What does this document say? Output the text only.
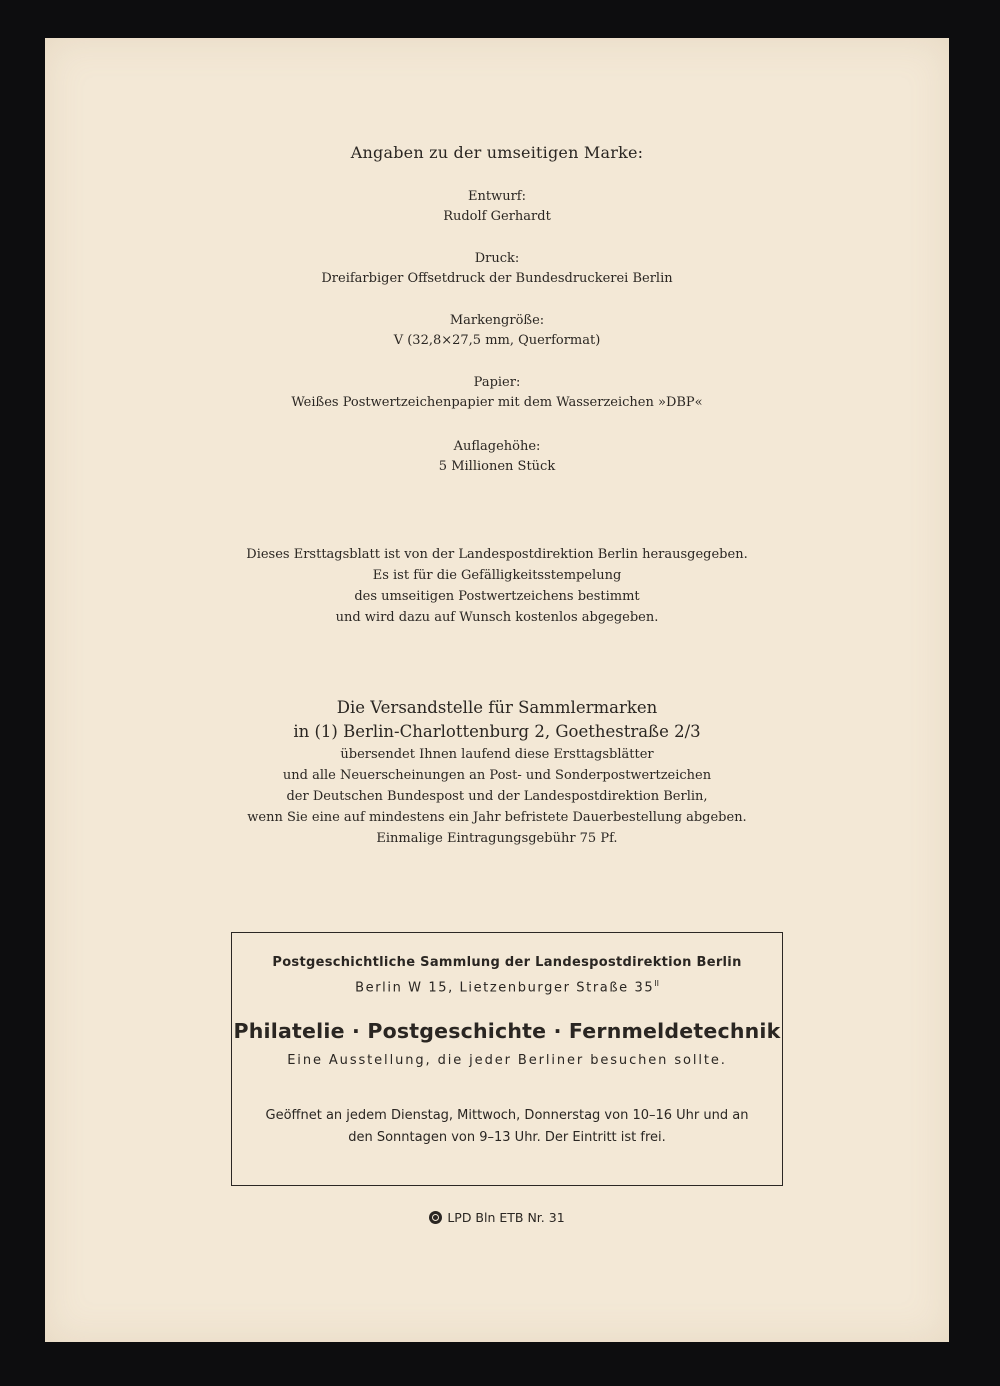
Angaben zu der umseitigen Marke:
Entwurf:
Rudolf Gerhardt
Druck:
Dreifarbiger Offsetdruck der Bundesdruckerei Berlin
Markengröße:
V (32,8×27,5 mm, Querformat)
Papier:
Weißes Postwertzeichenpapier mit dem Wasserzeichen »DBP«
Auflagehöhe:
5 Millionen Stück
Dieses Ersttagsblatt ist von der Landespostdirektion Berlin herausgegeben.
Es ist für die Gefälligkeitsstempelung
des umseitigen Postwertzeichens bestimmt
und wird dazu auf Wunsch kostenlos abgegeben.
Die Versandstelle für Sammlermarken
in (1) Berlin-Charlottenburg 2, Goethestraße 2/3
übersendet Ihnen laufend diese Ersttagsblätter
und alle Neuerscheinungen an Post- und Sonderpostwertzeichen
der Deutschen Bundespost und der Landespostdirektion Berlin,
wenn Sie eine auf mindestens ein Jahr befristete Dauerbestellung abgeben.
Einmalige Eintragungsgebühr 75 Pf.
Postgeschichtliche Sammlung der Landespostdirektion Berlin
Berlin W 15, Lietzenburger Straße $35^{II}$
Philatelie · Postgeschichte · Fernmeldetechnik
Eine Ausstellung, die jeder Berliner besuchen sollte.
Geöffnet an jedem Dienstag, Mittwoch, Donnerstag von 10–16 Uhr und an
den Sonntagen von 9–13 Uhr. Der Eintritt ist frei.
LPD Bln ETB Nr. 31
